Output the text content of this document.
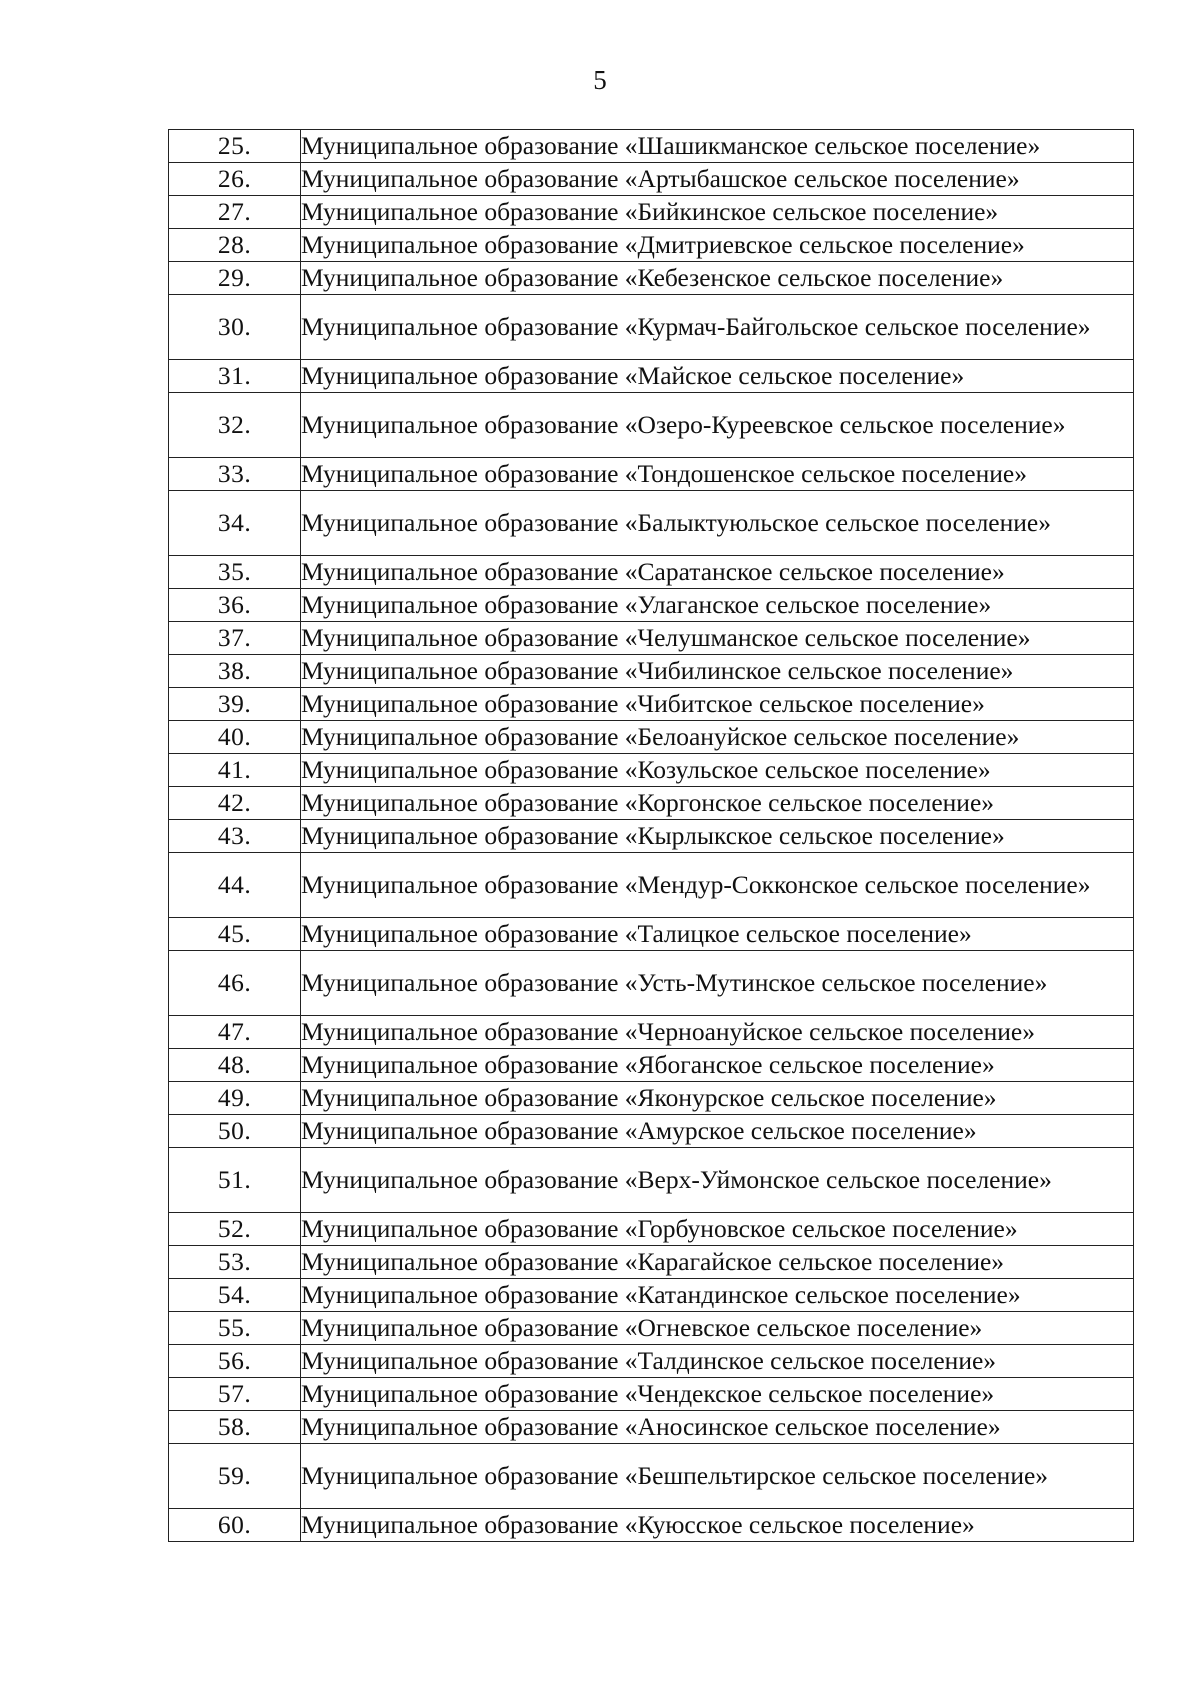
5
25.	Муниципальное образование «Шашикманское сельское поселение»
26.	Муниципальное образование «Артыбашское сельское поселение»
27.	Муниципальное образование «Бийкинское сельское поселение»
28.	Муниципальное образование «Дмитриевское сельское поселение»
29.	Муниципальное образование «Кебезенское сельское поселение»
30.	Муниципальное образование «Курмач-Байгольское сельское поселение»
31.	Муниципальное образование «Майское сельское поселение»
32.	Муниципальное образование «Озеро-Куреевское сельское поселение»
33.	Муниципальное образование «Тондошенское сельское поселение»
34.	Муниципальное образование «Балыктуюльское сельское поселение»
35.	Муниципальное образование «Саратанское сельское поселение»
36.	Муниципальное образование «Улаганское сельское поселение»
37.	Муниципальное образование «Челушманское сельское поселение»
38.	Муниципальное образование «Чибилинское сельское поселение»
39.	Муниципальное образование «Чибитское сельское поселение»
40.	Муниципальное образование «Белоануйское сельское поселение»
41.	Муниципальное образование «Козульское сельское поселение»
42.	Муниципальное образование «Коргонское сельское поселение»
43.	Муниципальное образование «Кырлыкское сельское поселение»
44.	Муниципальное образование «Мендур-Сокконское сельское поселение»
45.	Муниципальное образование «Талицкое сельское поселение»
46.	Муниципальное образование «Усть-Мутинское сельское поселение»
47.	Муниципальное образование «Черноануйское сельское поселение»
48.	Муниципальное образование «Ябоганское сельское поселение»
49.	Муниципальное образование «Яконурское сельское поселение»
50.	Муниципальное образование «Амурское сельское поселение»
51.	Муниципальное образование «Верх-Уймонское сельское поселение»
52.	Муниципальное образование «Горбуновское сельское поселение»
53.	Муниципальное образование «Карагайское сельское поселение»
54.	Муниципальное образование «Катандинское сельское поселение»
55.	Муниципальное образование «Огневское сельское поселение»
56.	Муниципальное образование «Талдинское сельское поселение»
57.	Муниципальное образование «Чендекское сельское поселение»
58.	Муниципальное образование «Аносинское сельское поселение»
59.	Муниципальное образование «Бешпельтирское сельское поселение»
60.	Муниципальное образование «Куюсское сельское поселение»
